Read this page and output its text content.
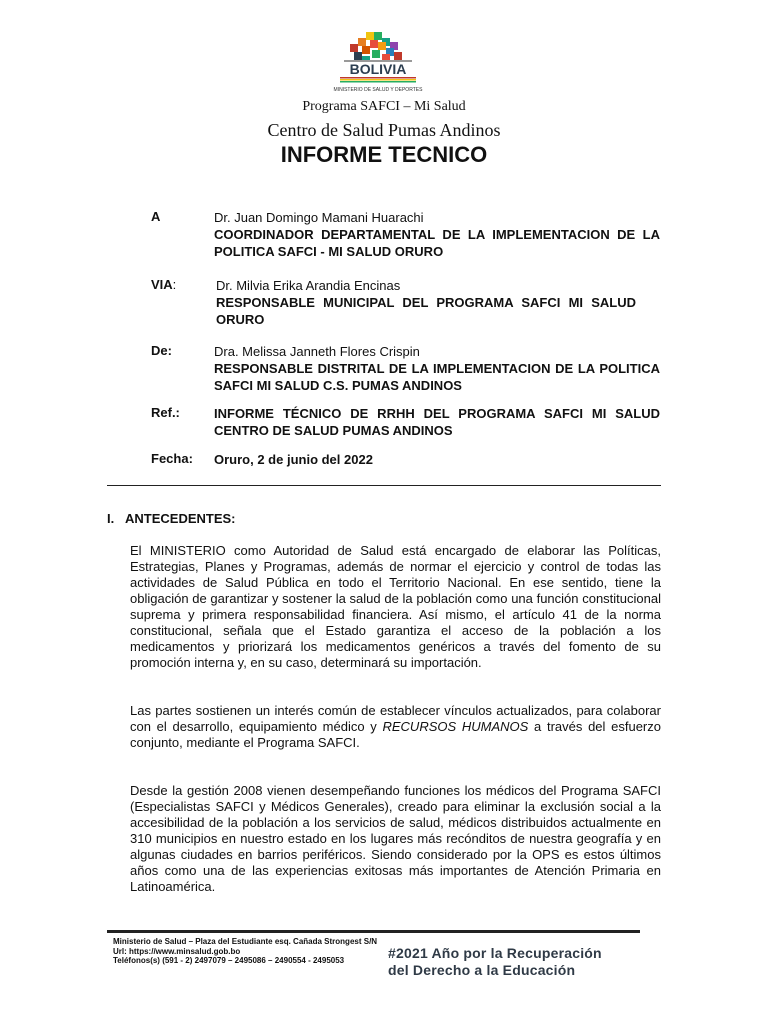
BOLIVIA
MINISTERIO DE SALUD Y DEPORTES
Programa SAFCI – Mi Salud
Centro de Salud Pumas Andinos
INFORME TECNICO
A	Dr. Juan Domingo Mamani Huarachi
COORDINADOR DEPARTAMENTAL DE LA IMPLEMENTACION DE LA POLITICA SAFCI - MI SALUD ORURO
VIA:	Dr. Milvia Erika Arandia Encinas
RESPONSABLE MUNICIPAL DEL PROGRAMA SAFCI MI SALUD ORURO
De:	Dra. Melissa Janneth Flores Crispin
RESPONSABLE DISTRITAL DE LA IMPLEMENTACION DE LA POLITICA SAFCI MI SALUD C.S. PUMAS ANDINOS
Ref.:	INFORME TÉCNICO DE RRHH DEL PROGRAMA SAFCI MI SALUD CENTRO DE SALUD PUMAS ANDINOS
Fecha: Oruro, 2 de junio del 2022
I. ANTECEDENTES:
El MINISTERIO como Autoridad de Salud está encargado de elaborar las Políticas, Estrategias, Planes y Programas, además de normar el ejercicio y control de todas las actividades de Salud Pública en todo el Territorio Nacional. En ese sentido, tiene la obligación de garantizar y sostener la salud de la población como una función constitucional suprema y primera responsabilidad financiera. Así mismo, el artículo 41 de la norma constitucional, señala que el Estado garantiza el acceso de la población a los medicamentos y priorizará los medicamentos genéricos a través del fomento de su promoción interna y, en su caso, determinará su importación.
Las partes sostienen un interés común de establecer vínculos actualizados, para colaborar con el desarrollo, equipamiento médico y RECURSOS HUMANOS a través del esfuerzo conjunto, mediante el Programa SAFCI.
Desde la gestión 2008 vienen desempeñando funciones los médicos del Programa SAFCI (Especialistas SAFCI y Médicos Generales), creado para eliminar la exclusión social a la accesibilidad de la población a los servicios de salud, médicos distribuidos actualmente en 310 municipios en nuestro estado en los lugares más recónditos de nuestra geografía y en algunas ciudades en barrios periféricos. Siendo considerado por la OPS es estos últimos años como una de las experiencias exitosas más importantes de Atención Primaria en Latinoamérica.
Ministerio de Salud – Plaza del Estudiante esq. Cañada Strongest S/N
Url: https://www.minsalud.gob.bo
Teléfonos(s) (591 - 2) 2497079 – 2495086 – 2490554 - 2495053	#2021 Año por la Recuperación
del Derecho a la Educación
